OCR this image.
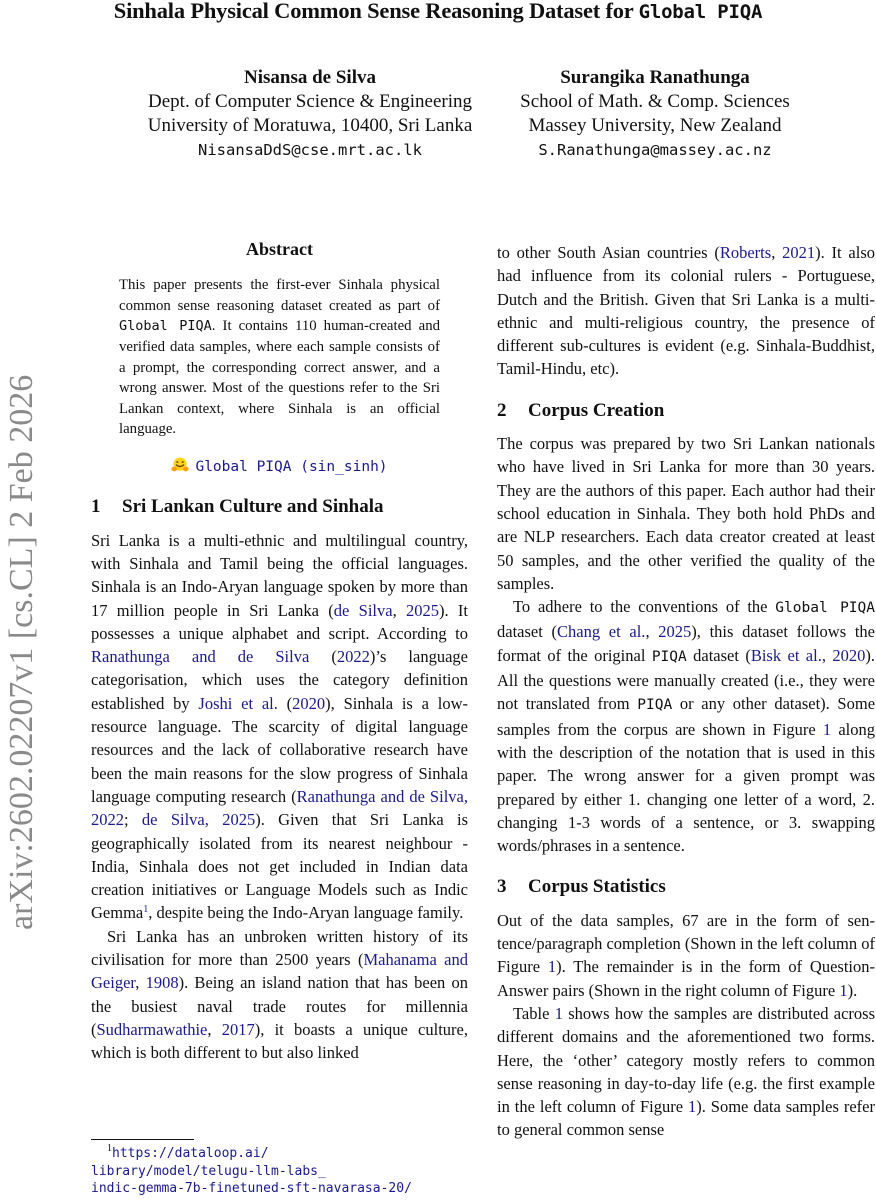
Sinhala Physical Common Sense Reasoning Dataset for Global PIQA
Nisansa de Silva
Dept. of Computer Science & Engineering
University of Moratuwa, 10400, Sri Lanka
NisansaDdS@cse.mrt.ac.lk
Surangika Ranathunga
School of Math. & Comp. Sciences
Massey University, New Zealand
S.Ranathunga@massey.ac.nz
arXiv:2602.02207v1 [cs.CL] 2 Feb 2026
Abstract
This paper presents the first-ever Sinhala physical common sense reasoning dataset created as part of Global PIQA. It contains 110 human-created and verified data samples, where each sample consists of a prompt, the corresponding correct answer, and a wrong answer. Most of the questions refer to the Sri Lankan context, where Sinhala is an official language.
Global PIQA (sin_sinh)
1 Sri Lankan Culture and Sinhala

Sri Lanka is a multi-ethnic and multilingual country, with Sinhala and Tamil being the official languages. Sinhala is an Indo-Aryan language spoken by more than 17 million people in Sri Lanka (de Silva, 2025). It possesses a unique alphabet and script. According to Ranathunga and de Silva (2022)’s language categorisation, which uses the category definition established by Joshi et al. (2020), Sinhala is a low-resource language. The scarcity of digital language resources and the lack of collaborative research have been the main reasons for the slow progress of Sinhala language computing research (Ranathunga and de Silva, 2022; de Silva, 2025). Given that Sri Lanka is geographically isolated from its nearest neighbour - India, Sinhala does not get included in Indian data creation initiatives or Language Models such as Indic Gemma$^1$, despite being the Indo-Aryan language family.

Sri Lanka has an unbroken written history of its civilisation for more than 2500 years (Mahanama and Geiger, 1908). Being an island nation that has been on the busiest naval trade routes for millennia (Sudharmawathie, 2017), it boasts a unique culture, which is both different to but also linked

$^1$https://dataloop.ai/
library/model/telugu-llm-labs_
indic-gemma-7b-finetuned-sft-navarasa-20/

to other South Asian countries (Roberts, 2021). It also had influence from its colonial rulers - Portuguese, Dutch and the British. Given that Sri Lanka is a multi-ethnic and multi-religious country, the presence of different sub-cultures is evident (e.g. Sinhala-Buddhist, Tamil-Hindu, etc).

2 Corpus Creation

The corpus was prepared by two Sri Lankan nationals who have lived in Sri Lanka for more than 30 years. They are the authors of this paper. Each author had their school education in Sinhala. They both hold PhDs and are NLP researchers. Each data creator created at least 50 samples, and the other verified the quality of the samples.

To adhere to the conventions of the Global PIQA dataset (Chang et al., 2025), this dataset follows the format of the original PIQA dataset (Bisk et al., 2020). All the questions were manually created (i.e., they were not translated from PIQA or any other dataset). Some samples from the corpus are shown in Figure 1 along with the description of the notation that is used in this paper. The wrong answer for a given prompt was prepared by either 1. changing one letter of a word, 2. changing 1-3 words of a sentence, or 3. swapping words/phrases in a sentence.

3 Corpus Statistics

Out of the data samples, 67 are in the form of sentence/paragraph completion (Shown in the left column of Figure 1). The remainder is in the form of Question-Answer pairs (Shown in the right column of Figure 1).

Table 1 shows how the samples are distributed across different domains and the aforementioned two forms. Here, the ‘other’ category mostly refers to common sense reasoning in day-to-day life (e.g. the first example in the left column of Figure 1). Some data samples refer to general common sense
